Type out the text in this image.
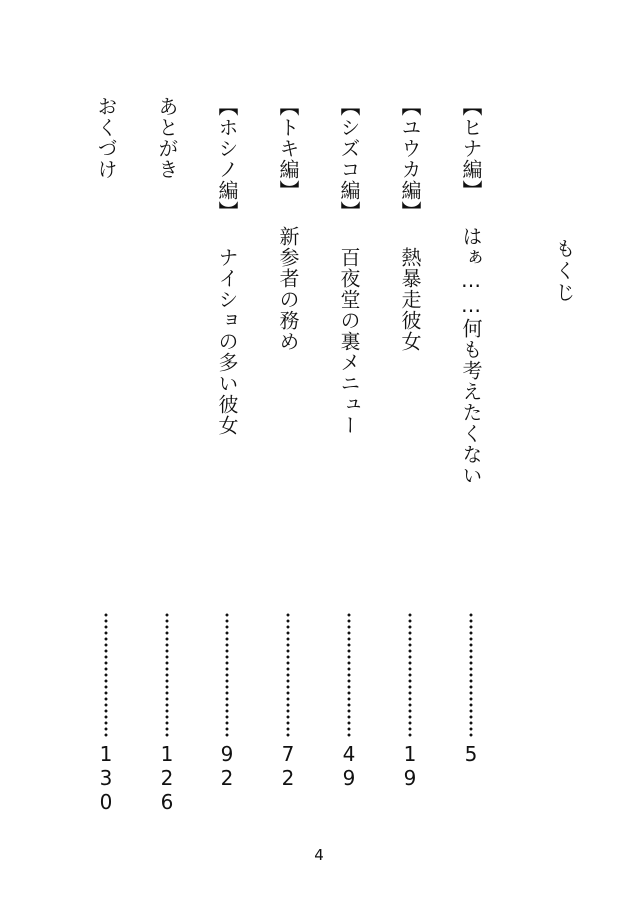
もくじ
【ヒナ編】 はぁ……何も考えたくない
5
【ユウカ編】 熱暴走彼女
19
【シズコ編】 百夜堂の裏メニュー
49
【トキ編】 新参者の務め
72
【ホシノ編】 ナイショの多い彼女
92
あとがき
126
おくづけ
130
4
